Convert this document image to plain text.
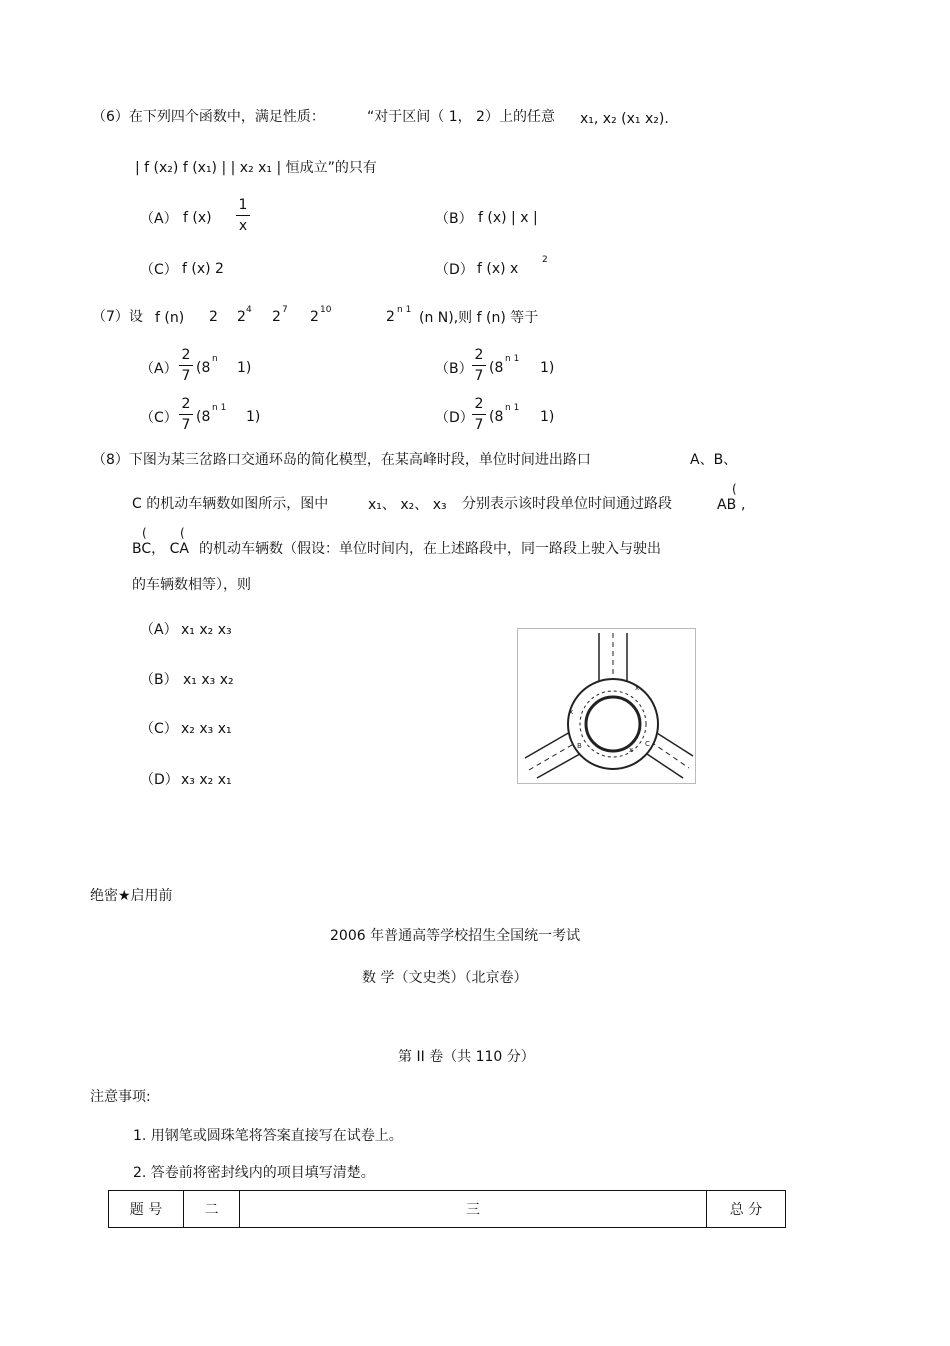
（6）在下列四个函数中，满足性质：	“对于区间（ 1， 2）上的任意 x₁, x₂ (x₁ x₂).
| f (x₂) f (x₁) | | x₂ x₁ | 恒成立”的只有
（A） f (x)
1
x	（B） f (x) | x |
（C） f (x) 2	（D） f (x) x
2
（7）设 f (n) 2 2 4 2 7 2 10	2 n 1 (n N),则 f (n) 等于
（A）
2
7 (8
n
1)	（B）
2
7 (8
n 1
1)
（C）
2
7 (8
n 1
1)	（D）
2
7 (8
n 1
1)
（8）下图为某三岔路口交通环岛的简化模型，在某高峰时段，单位时间进出路口	A、B、
C 的机动车辆数如图所示，图中	x₁、 x₂、 x₃ 分别表示该时段单位时间通过路段	AB
(
,
(	(
BC， CA 的机动车辆数（假设：单位时间内，在上述路段中，同一路段上驶入与驶出
的车辆数相等），则
（A） x₁ x₂ x₃
（B） x₁ x₃ x₂
（C） x₂ x₃ x₁
（D） x₃ x₂ x₁
x
x
x
B	C
绝密★启用前
2006 年普通高等学校招生全国统一考试
数 学（文史类）（北京卷）
第 II 卷（共 110 分）
注意事项:
1. 用钢笔或圆珠笔将答案直接写在试卷上。
2. 答卷前将密封线内的项目填写清楚。
题 号	二	三	总 分
